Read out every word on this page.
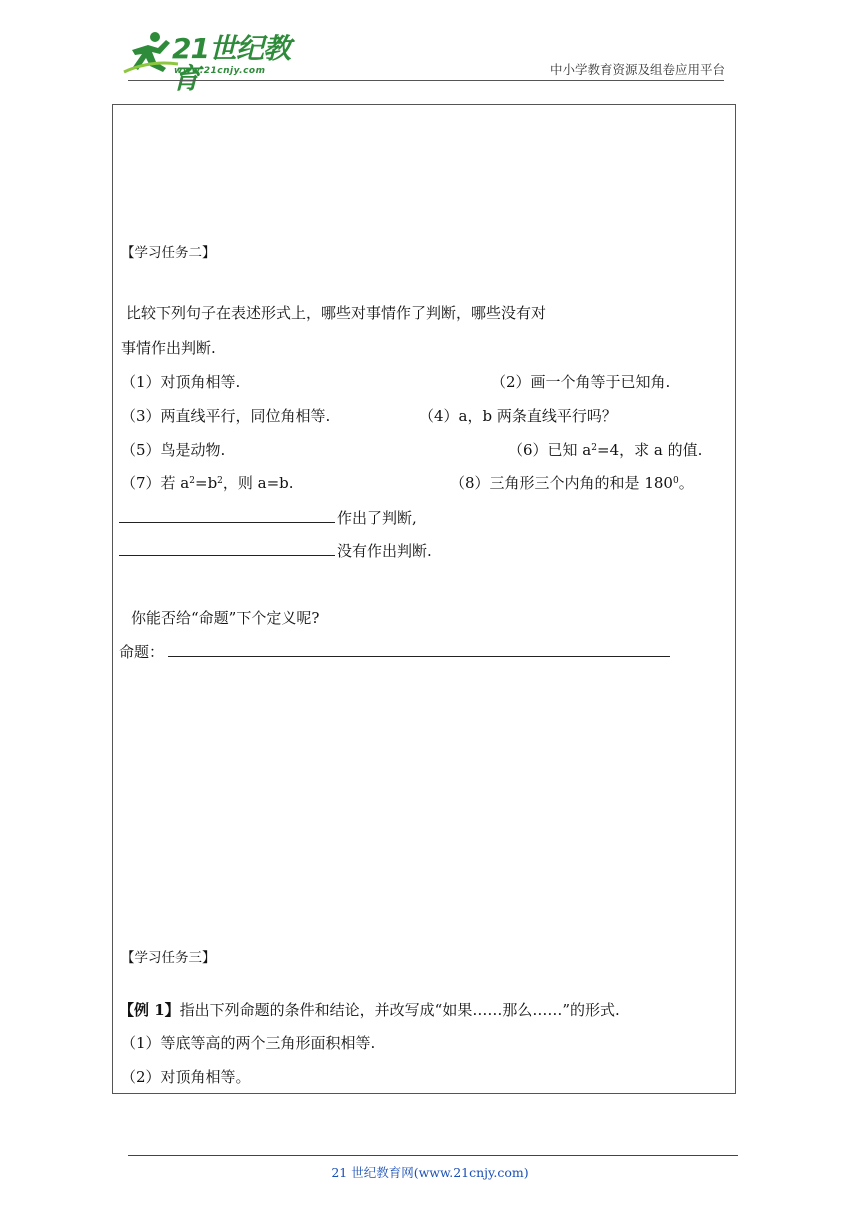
21世纪教育
www.21cnjy.com	中小学教育资源及组卷应用平台
【学习任务二】
比较下列句子在表述形式上，哪些对事情作了判断，哪些没有对
事情作出判断.
（1）对顶角相等.	（2）画一个角等于已知角.
（3）两直线平行，同位角相等.	（4）a，b 两条直线平行吗？
（5）鸟是动物.	（6）已知 $a^2=4$，求 a 的值.
（7）若 $a^2=b^2$，则 a=b.	（8）三角形三个内角的和是 $180^0$。
作出了判断,
没有作出判断.
你能否给“命题”下个定义呢?
命题：
【学习任务三】
【例 1】指出下列命题的条件和结论，并改写成“如果……那么……”的形式.
（1）等底等高的两个三角形面积相等.
（2）对顶角相等。
21 世纪教育网(www.21cnjy.com)
